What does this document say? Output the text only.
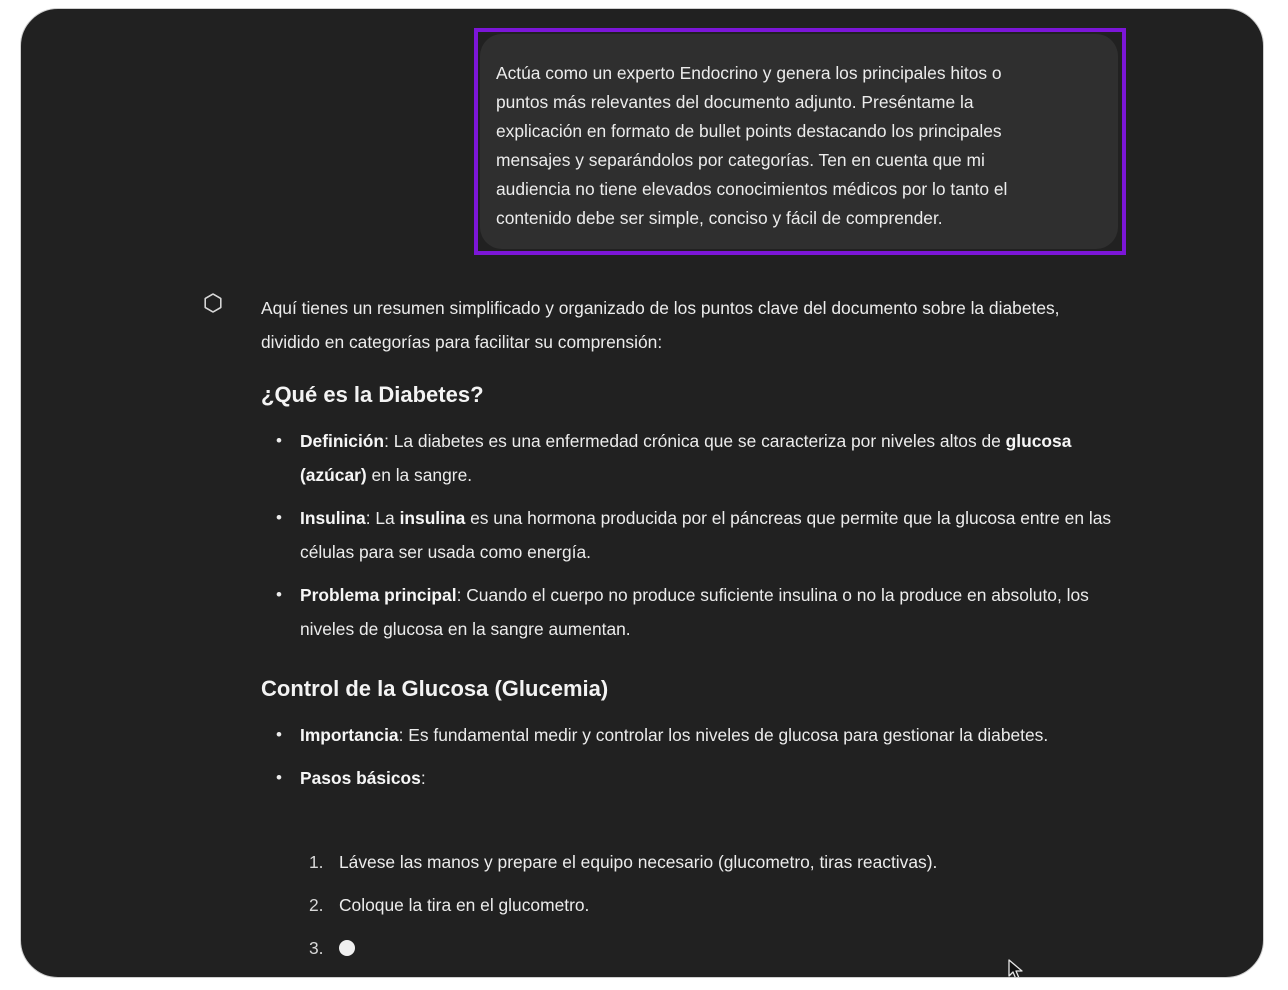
Actúa como un experto Endocrino y genera los principales hitos o
puntos más relevantes del documento adjunto. Preséntame la
explicación en formato de bullet points destacando los principales
mensajes y separándolos por categorías. Ten en cuenta que mi
audiencia no tiene elevados conocimientos médicos por lo tanto el
contenido debe ser simple, conciso y fácil de comprender.
Aquí tienes un resumen simplificado y organizado de los puntos clave del documento sobre la diabetes, dividido en categorías para facilitar su comprensión:
¿Qué es la Diabetes?
• Definición: La diabetes es una enfermedad crónica que se caracteriza por niveles altos de glucosa (azúcar) en la sangre.
• Insulina: La insulina es una hormona producida por el páncreas que permite que la glucosa entre en las células para ser usada como energía.
• Problema principal: Cuando el cuerpo no produce suficiente insulina o no la produce en absoluto, los niveles de glucosa en la sangre aumentan.
Control de la Glucosa (Glucemia)
• Importancia: Es fundamental medir y controlar los niveles de glucosa para gestionar la diabetes.
• Pasos básicos:
1. Lávese las manos y prepare el equipo necesario (glucometro, tiras reactivas).
2. Coloque la tira en el glucometro.
3.
